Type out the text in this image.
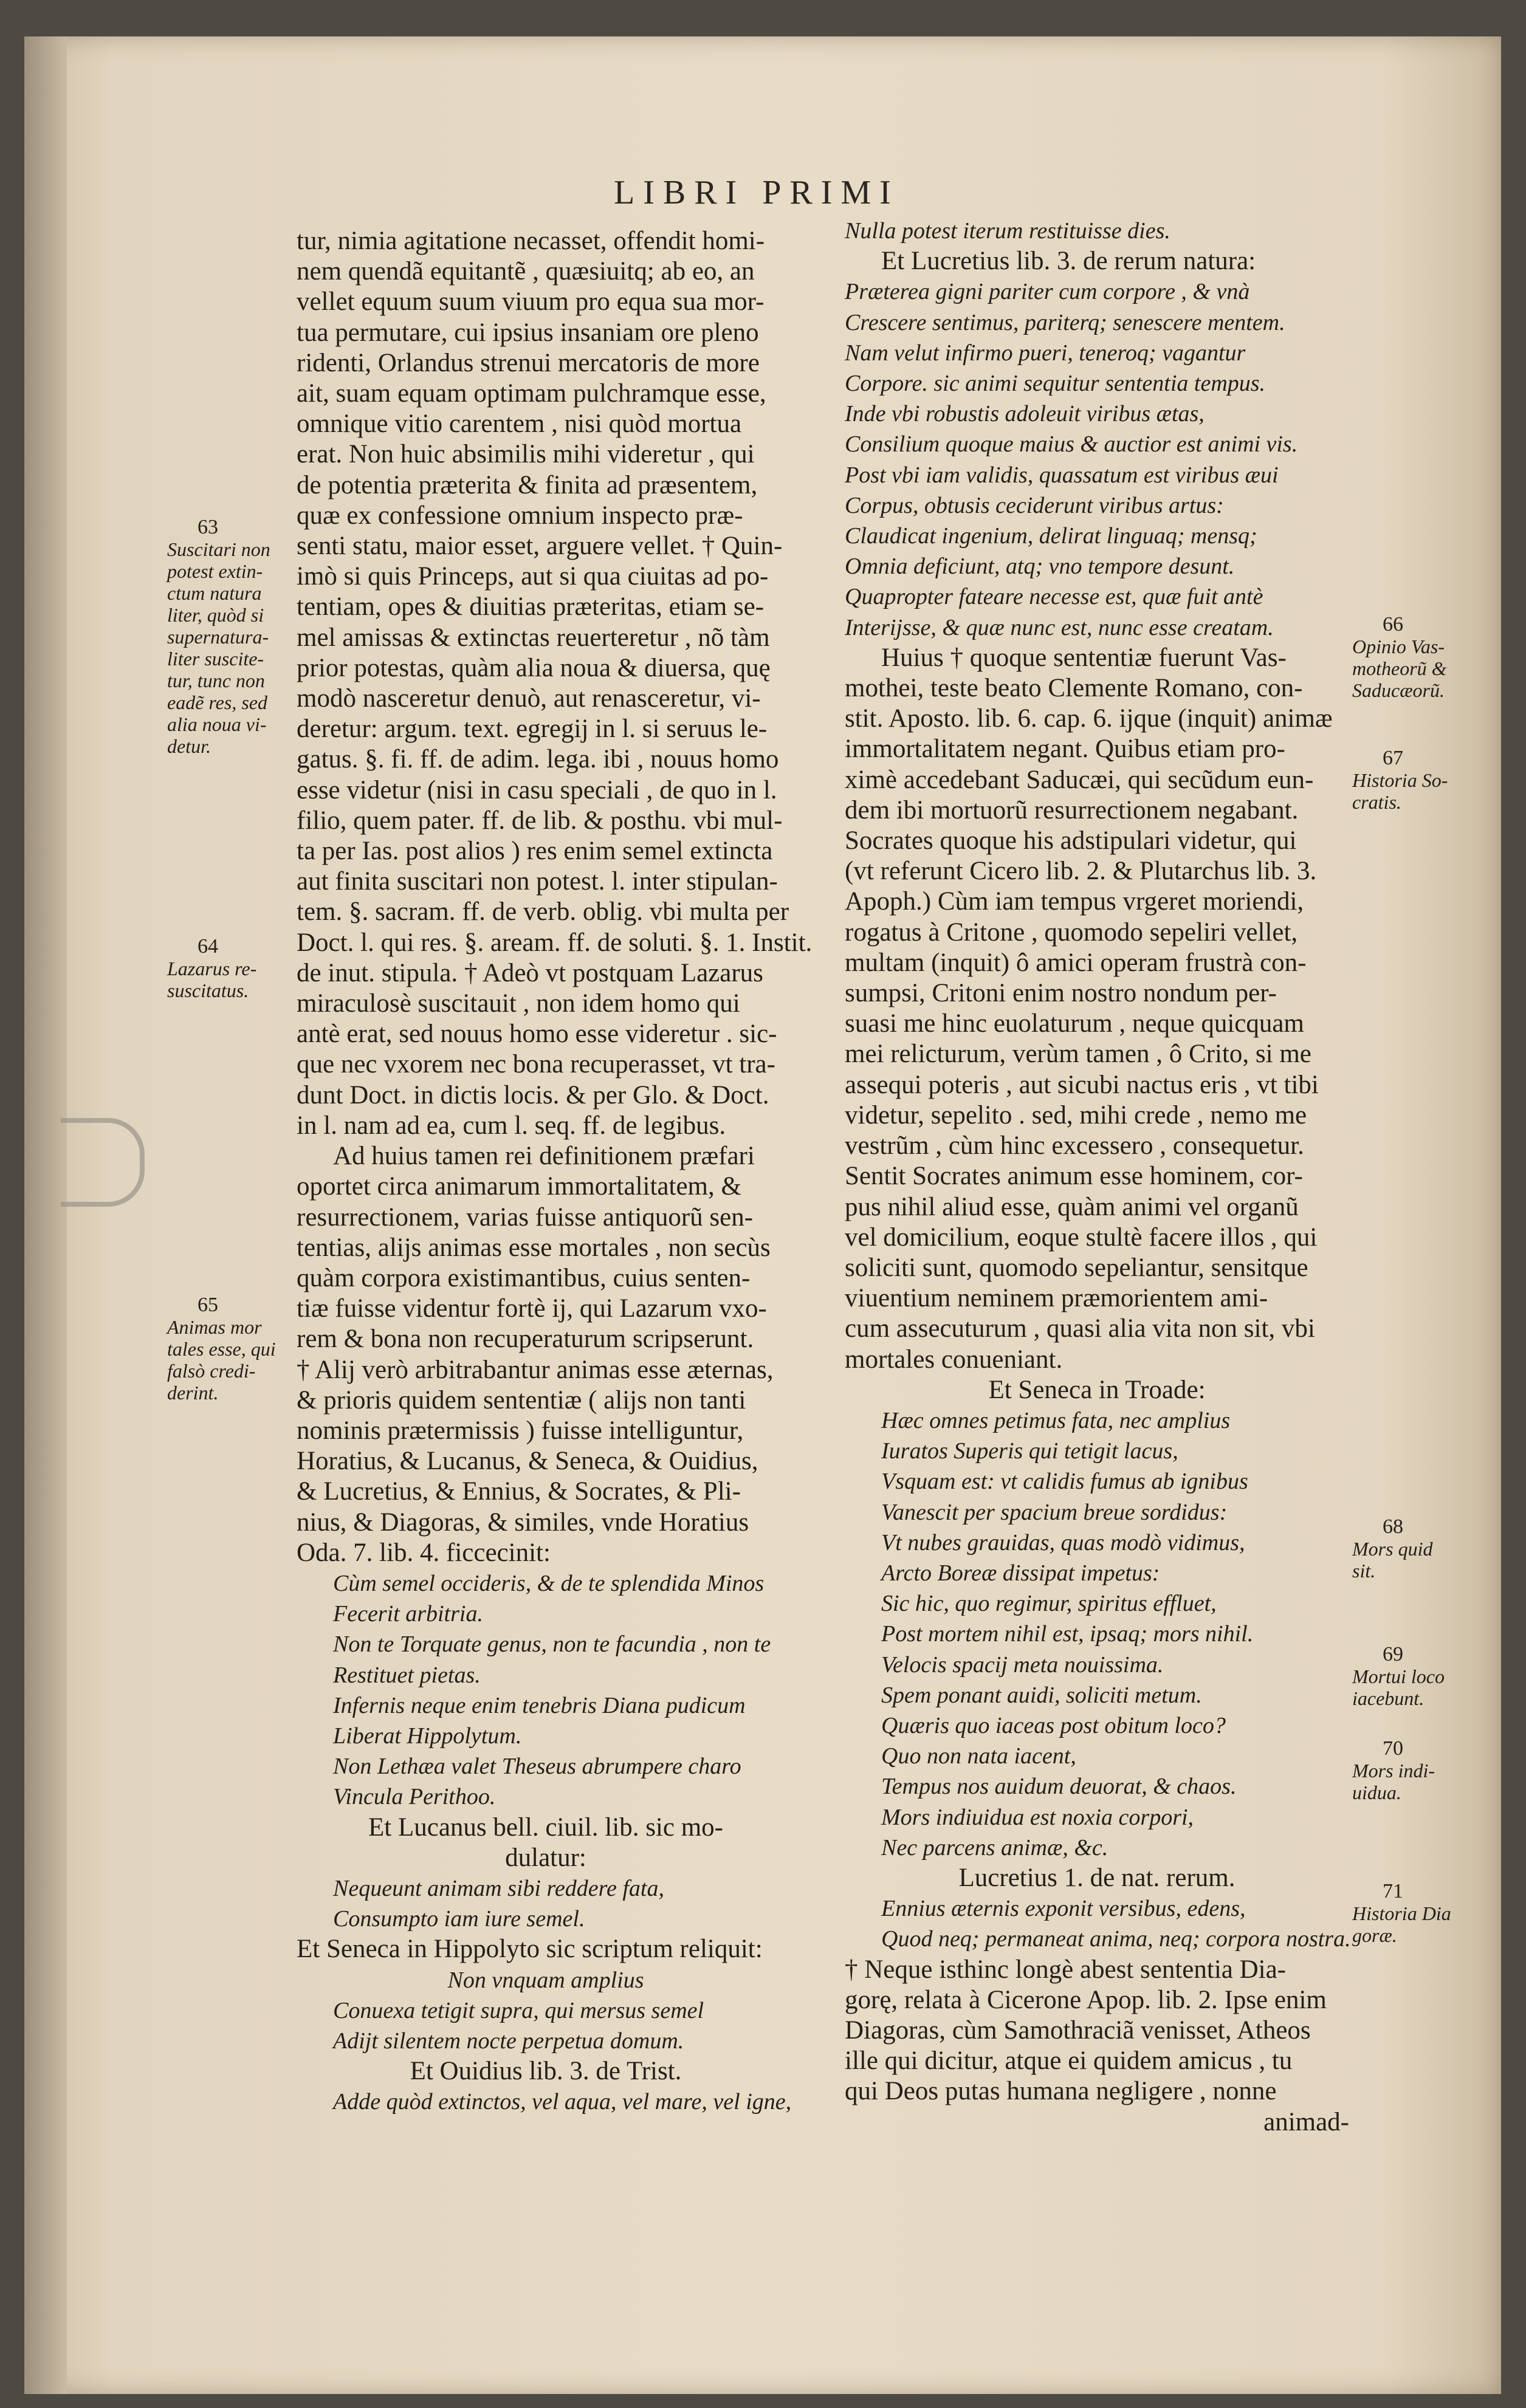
LIBRI PRIMI
tur, nimia agitatione necasset, offendit homi-
nem quendã equitantẽ , quæsiuitq; ab eo, an
vellet equum suum viuum pro equa sua mor-
tua permutare, cui ipsius insaniam ore pleno
ridenti, Orlandus strenui mercatoris de more
ait, suam equam optimam pulchramque esse,
omnique vitio carentem , nisi quòd mortua
erat. Non huic absimilis mihi videretur , qui
de potentia præterita & finita ad præsentem,
quæ ex confessione omnium inspecto præ-
senti statu, maior esset, arguere vellet. † Quin-
imò si quis Princeps, aut si qua ciuitas ad po-
tentiam, opes & diuitias præteritas, etiam se-
mel amissas & extinctas reuerteretur , nõ tàm
prior potestas, quàm alia noua & diuersa, quę
modò nasceretur denuò, aut renasceretur, vi-
deretur: argum. text. egregij in l. si seruus le-
gatus. §. fi. ff. de adim. lega. ibi , nouus homo
esse videtur (nisi in casu speciali , de quo in l.
filio, quem pater. ff. de lib. & posthu. vbi mul-
ta per Ias. post alios ) res enim semel extincta
aut finita suscitari non potest. l. inter stipulan-
tem. §. sacram. ff. de verb. oblig. vbi multa per
Doct. l. qui res. §. aream. ff. de soluti. §. 1. Instit.
de inut. stipula. † Adeò vt postquam Lazarus
miraculosè suscitauit , non idem homo qui
antè erat, sed nouus homo esse videretur . sic-
que nec vxorem nec bona recuperasset, vt tra-
dunt Doct. in dictis locis. & per Glo. & Doct.
in l. nam ad ea, cum l. seq. ff. de legibus.
Ad huius tamen rei definitionem præfari
oportet circa animarum immortalitatem, &
resurrectionem, varias fuisse antiquorũ sen-
tentias, alijs animas esse mortales , non secùs
quàm corpora existimantibus, cuius senten-
tiæ fuisse videntur fortè ij, qui Lazarum vxo-
rem & bona non recuperaturum scripserunt.
† Alij verò arbitrabantur animas esse æternas,
& prioris quidem sententiæ ( alijs non tanti
nominis prætermissis ) fuisse intelliguntur,
Horatius, & Lucanus, & Seneca, & Ouidius,
& Lucretius, & Ennius, & Socrates, & Pli-
nius, & Diagoras, & similes, vnde Horatius
Oda. 7. lib. 4. ficcecinit:
Cùm semel occideris, & de te splendida Minos
Fecerit arbitria.
Non te Torquate genus, non te facundia , non te
Restituet pietas.
Infernis neque enim tenebris Diana pudicum
Liberat Hippolytum.
Non Lethæa valet Theseus abrumpere charo
Vincula Perithoo.
Et Lucanus bell. ciuil. lib. sic mo-
dulatur:
Nequeunt animam sibi reddere fata,
Consumpto iam iure semel.
Et Seneca in Hippolyto sic scriptum reliquit:
Non vnquam amplius
Conuexa tetigit supra, qui mersus semel
Adijt silentem nocte perpetua domum.
Et Ouidius lib. 3. de Trist.
Adde quòd extinctos, vel aqua, vel mare, vel igne,
Nulla potest iterum restituisse dies.
Et Lucretius lib. 3. de rerum natura:
Præterea gigni pariter cum corpore , & vnà
Crescere sentimus, pariterq; senescere mentem.
Nam velut infirmo pueri, teneroq; vagantur
Corpore. sic animi sequitur sententia tempus.
Inde vbi robustis adoleuit viribus ætas,
Consilium quoque maius & auctior est animi vis.
Post vbi iam validis, quassatum est viribus æui
Corpus, obtusis ceciderunt viribus artus:
Claudicat ingenium, delirat linguaq; mensq;
Omnia deficiunt, atq; vno tempore desunt.
Quapropter fateare necesse est, quæ fuit antè
Interijsse, & quæ nunc est, nunc esse creatam.
Huius † quoque sententiæ fuerunt Vas-
mothei, teste beato Clemente Romano, con-
stit. Aposto. lib. 6. cap. 6. ijque (inquit) animæ
immortalitatem negant. Quibus etiam pro-
ximè accedebant Saducæi, qui secũdum eun-
dem ibi mortuorũ resurrectionem negabant.
Socrates quoque his adstipulari videtur, qui
(vt referunt Cicero lib. 2. & Plutarchus lib. 3.
Apoph.) Cùm iam tempus vrgeret moriendi,
rogatus à Critone , quomodo sepeliri vellet,
multam (inquit) ô amici operam frustrà con-
sumpsi, Critoni enim nostro nondum per-
suasi me hinc euolaturum , neque quicquam
mei relicturum, verùm tamen , ô Crito, si me
assequi poteris , aut sicubi nactus eris , vt tibi
videtur, sepelito . sed, mihi crede , nemo me
vestrũm , cùm hinc excessero , consequetur.
Sentit Socrates animum esse hominem, cor-
pus nihil aliud esse, quàm animi vel organũ
vel domicilium, eoque stultè facere illos , qui
soliciti sunt, quomodo sepeliantur, sensitque
viuentium neminem præmorientem ami-
cum assecuturum , quasi alia vita non sit, vbi
mortales conueniant.
Et Seneca in Troade:
Hæc omnes petimus fata, nec amplius
Iuratos Superis qui tetigit lacus,
Vsquam est: vt calidis fumus ab ignibus
Vanescit per spacium breue sordidus:
Vt nubes grauidas, quas modò vidimus,
Arcto Boreæ dissipat impetus:
Sic hic, quo regimur, spiritus effluet,
Post mortem nihil est, ipsaq; mors nihil.
Velocis spacij meta nouissima.
Spem ponant auidi, soliciti metum.
Quæris quo iaceas post obitum loco?
Quo non nata iacent,
Tempus nos auidum deuorat, & chaos.
Mors indiuidua est noxia corpori,
Nec parcens animæ, &c.
Lucretius 1. de nat. rerum.
Ennius æternis exponit versibus, edens,
Quod neq; permaneat anima, neq; corpora nostra.
† Neque isthinc longè abest sententia Dia-
gorę, relata à Cicerone Apop. lib. 2. Ipse enim
Diagoras, cùm Samothraciã venisset, Atheos
ille qui dicitur, atque ei quidem amicus , tu
qui Deos putas humana negligere , nonne
animad-
63
Suscitari non
potest extin-
ctum natura
liter, quòd si
supernatura-
liter suscite-
tur, tunc non
eadẽ res, sed
alia noua vi-
detur.
64
Lazarus re-
suscitatus.
65
Animas mor
tales esse, qui
falsò credi-
derint.
66
Opinio Vas-
motheorũ &
Saducæorũ.
67
Historia So-
cratis.
68
Mors quid
sit.
69
Mortui loco
iacebunt.
70
Mors indi-
uidua.
71
Historia Dia
goræ.
